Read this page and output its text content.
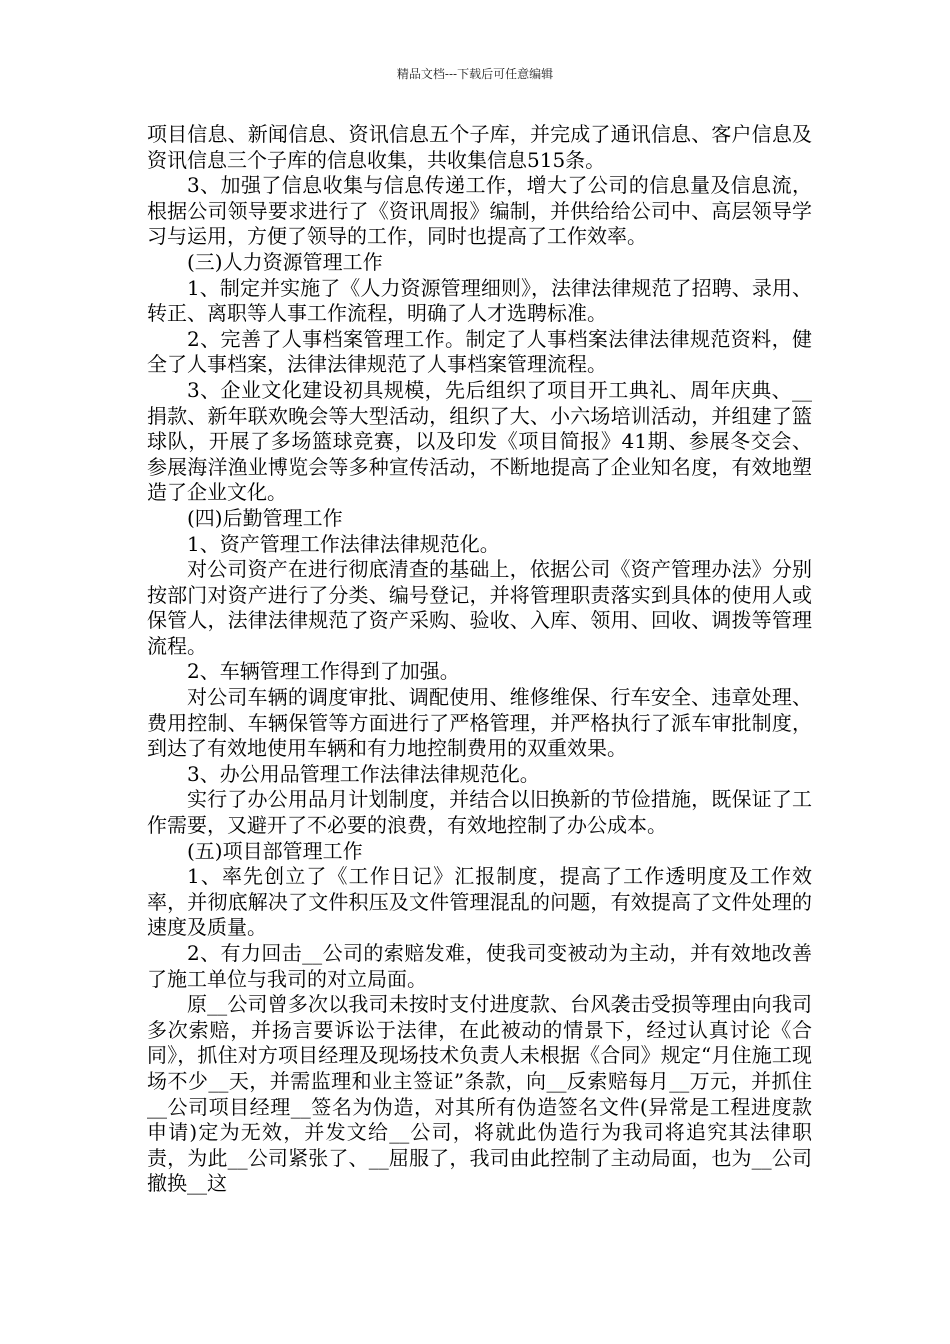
精品文档---下载后可任意编辑

项目信息、新闻信息、资讯信息五个子库，并完成了通讯信息、客户信息及资讯信息三个子库的信息收集，共收集信息515条。

3、加强了信息收集与信息传递工作，增大了公司的信息量及信息流，根据公司领导要求进行了《资讯周报》编制，并供给给公司中、高层领导学习与运用，方便了领导的工作，同时也提高了工作效率。

(三)人力资源管理工作

1、制定并实施了《人力资源管理细则》，法律法律规范了招聘、录用、转正、离职等人事工作流程，明确了人才选聘标准。

2、完善了人事档案管理工作。制定了人事档案法律法律规范资料，健全了人事档案，法律法律规范了人事档案管理流程。

3、企业文化建设初具规模，先后组织了项目开工典礼、周年庆典、__捐款、新年联欢晚会等大型活动，组织了大、小六场培训活动，并组建了篮球队，开展了多场篮球竞赛，以及印发《项目简报》41期、参展冬交会、参展海洋渔业博览会等多种宣传活动，不断地提高了企业知名度，有效地塑造了企业文化。

(四)后勤管理工作

1、资产管理工作法律法律规范化。

对公司资产在进行彻底清查的基础上，依据公司《资产管理办法》分别按部门对资产进行了分类、编号登记，并将管理职责落实到具体的使用人或保管人，法律法律规范了资产采购、验收、入库、领用、回收、调拨等管理流程。

2、车辆管理工作得到了加强。

对公司车辆的调度审批、调配使用、维修维保、行车安全、违章处理、费用控制、车辆保管等方面进行了严格管理，并严格执行了派车审批制度，到达了有效地使用车辆和有力地控制费用的双重效果。

3、办公用品管理工作法律法律规范化。

实行了办公用品月计划制度，并结合以旧换新的节俭措施，既保证了工作需要，又避开了不必要的浪费，有效地控制了办公成本。

(五)项目部管理工作

1、率先创立了《工作日记》汇报制度，提高了工作透明度及工作效率，并彻底解决了文件积压及文件管理混乱的问题，有效提高了文件处理的速度及质量。

2、有力回击__公司的索赔发难，使我司变被动为主动，并有效地改善了施工单位与我司的对立局面。

原__公司曾多次以我司未按时支付进度款、台风袭击受损等理由向我司多次索赔，并扬言要诉讼于法律，在此被动的情景下，经过认真讨论《合同》，抓住对方项目经理及现场技术负责人未根据《合同》规定“月住施工现场不少__天，并需监理和业主签证”条款，向__反索赔每月__万元，并抓住__公司项目经理__签名为伪造，对其所有伪造签名文件(异常是工程进度款申请)定为无效，并发文给__公司，将就此伪造行为我司将追究其法律职责，为此__公司紧张了、__屈服了，我司由此控制了主动局面，也为__公司撤换__这
